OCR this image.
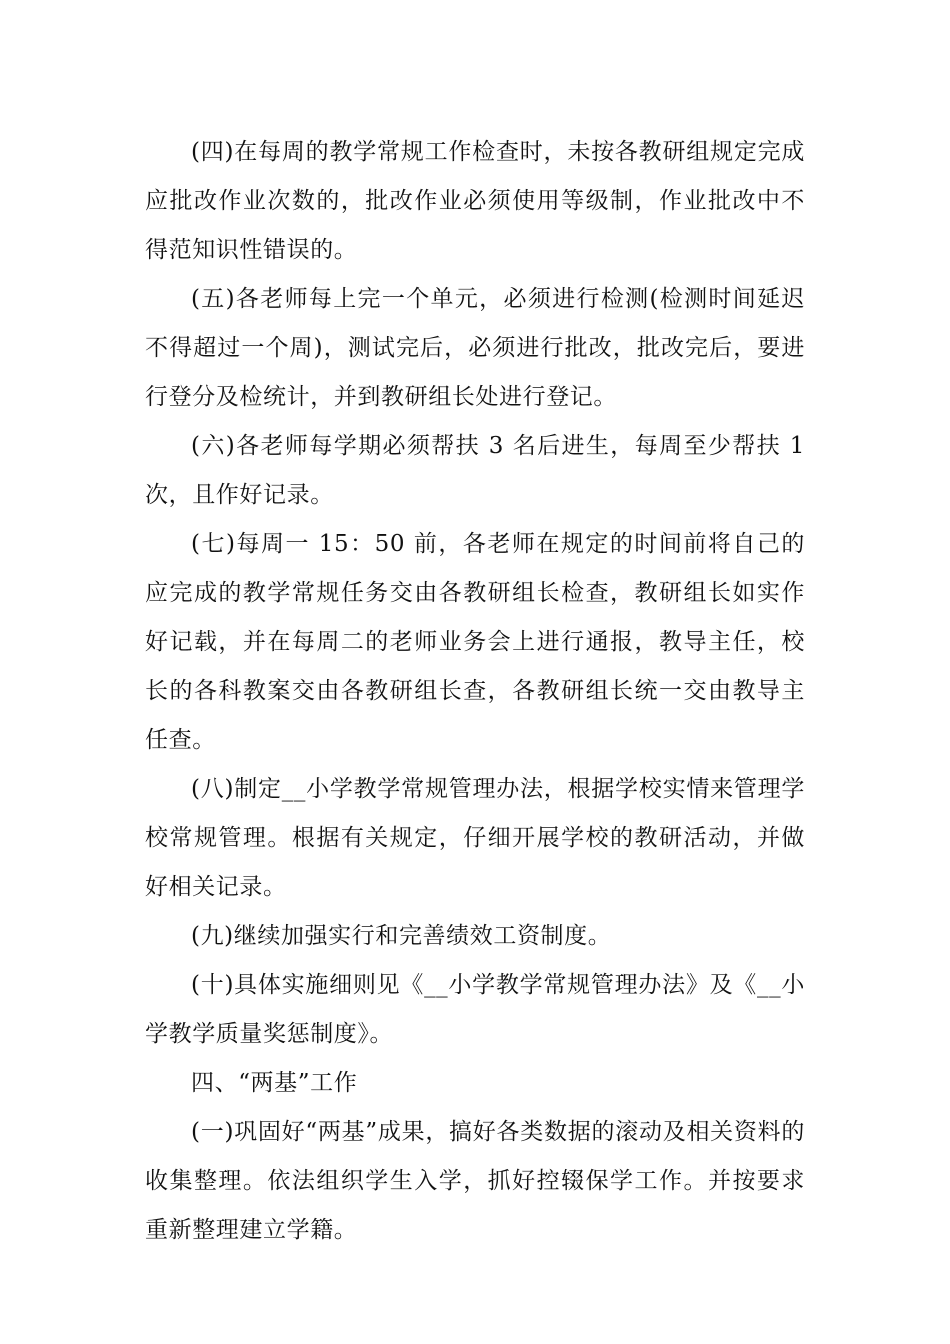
(四)在每周的教学常规工作检查时，未按各教研组规定完成应批改作业次数的，批改作业必须使用等级制，作业批改中不得范知识性错误的。

(五)各老师每上完一个单元，必须进行检测(检测时间延迟不得超过一个周)，测试完后，必须进行批改，批改完后，要进行登分及检统计，并到教研组长处进行登记。

(六)各老师每学期必须帮扶 3 名后进生，每周至少帮扶 1 次，且作好记录。

(七)每周一 15：50 前，各老师在规定的时间前将自己的应完成的教学常规任务交由各教研组长检查，教研组长如实作好记载，并在每周二的老师业务会上进行通报，教导主任，校长的各科教案交由各教研组长查，各教研组长统一交由教导主任查。

(八)制定__小学教学常规管理办法，根据学校实情来管理学校常规管理。根据有关规定，仔细开展学校的教研活动，并做好相关记录。

(九)继续加强实行和完善绩效工资制度。

(十)具体实施细则见《__小学教学常规管理办法》及《__小学教学质量奖惩制度》。

四、“两基”工作

(一)巩固好“两基”成果，搞好各类数据的滚动及相关资料的收集整理。依法组织学生入学，抓好控辍保学工作。并按要求重新整理建立学籍。
